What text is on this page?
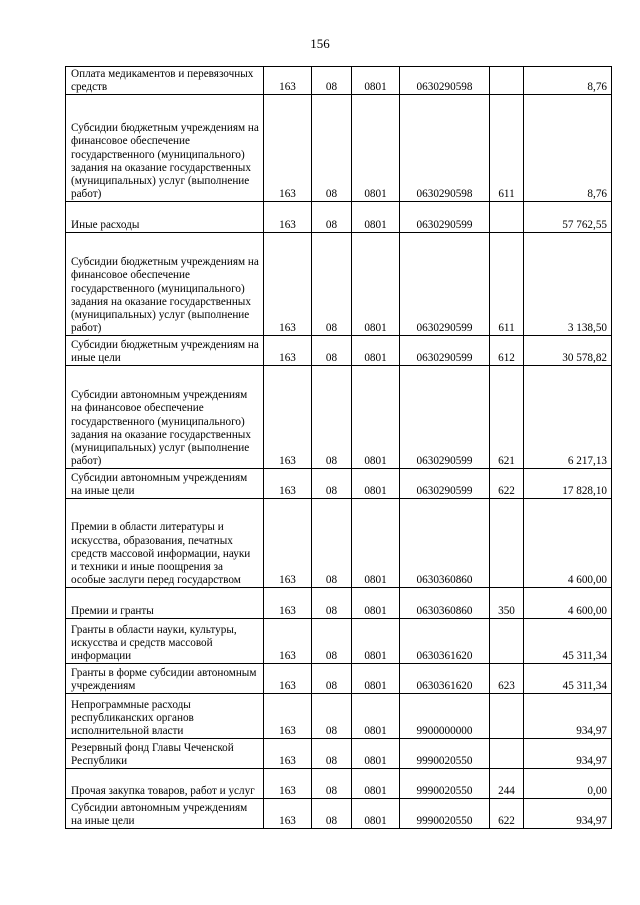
156
Оплата медикаментов и перевязочных средств	163	08	0801	0630290598		8,76
Субсидии бюджетным учреждениям на финансовое обеспечение государственного (муниципального) задания на оказание государственных (муниципальных) услуг (выполнение работ)	163	08	0801	0630290598	611	8,76
Иные расходы	163	08	0801	0630290599		57 762,55
Субсидии бюджетным учреждениям на финансовое обеспечение государственного (муниципального) задания на оказание государственных (муниципальных) услуг (выполнение работ)	163	08	0801	0630290599	611	3 138,50
Субсидии бюджетным учреждениям на иные цели	163	08	0801	0630290599	612	30 578,82
Субсидии автономным учреждениям на финансовое обеспечение государственного (муниципального) задания на оказание государственных (муниципальных) услуг (выполнение работ)	163	08	0801	0630290599	621	6 217,13
Субсидии автономным учреждениям на иные цели	163	08	0801	0630290599	622	17 828,10
Премии в области литературы и искусства, образования, печатных средств массовой информации, науки и техники и иные поощрения за особые заслуги перед государством	163	08	0801	0630360860		4 600,00
Премии и гранты	163	08	0801	0630360860	350	4 600,00
Гранты в области науки, культуры, искусства и средств массовой информации	163	08	0801	0630361620		45 311,34
Гранты в форме субсидии автономным учреждениям	163	08	0801	0630361620	623	45 311,34
Непрограммные расходы республиканских органов исполнительной власти	163	08	0801	9900000000		934,97
Резервный фонд Главы Чеченской Республики	163	08	0801	9990020550		934,97
Прочая закупка товаров, работ и услуг	163	08	0801	9990020550	244	0,00
Субсидии автономным учреждениям на иные цели	163	08	0801	9990020550	622	934,97
